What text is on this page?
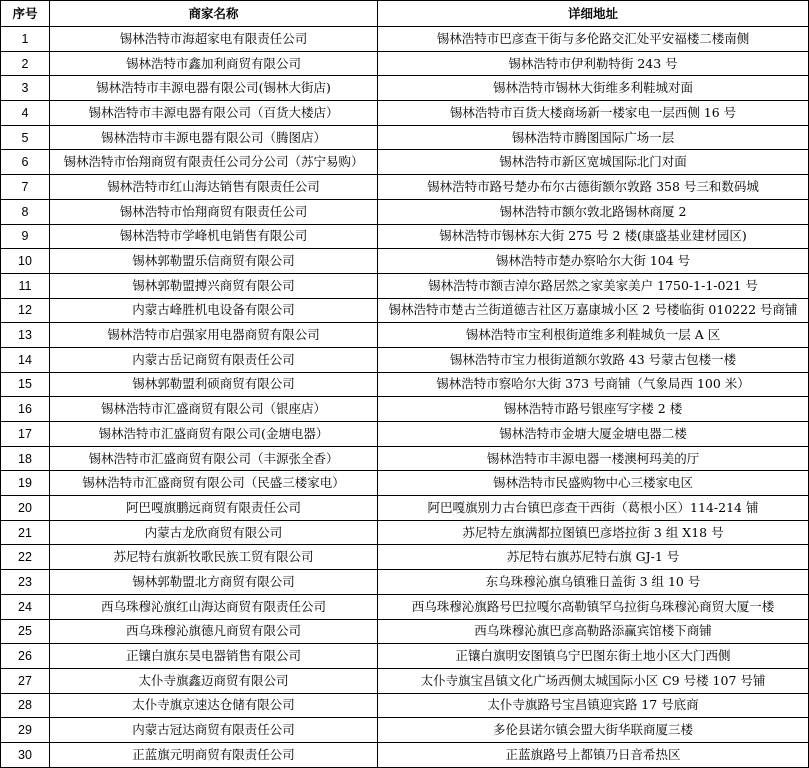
序号	商家名称	详细地址
1	锡林浩特市海超家电有限责任公司	锡林浩特市巴彦查干街与多伦路交汇处平安福楼二楼南侧
2	锡林浩特市鑫加利商贸有限公司	锡林浩特市伊利勒特街 243 号
3	锡林浩特市丰源电器有限公司(锡林大街店)	锡林浩特市锡林大街维多利鞋城对面
4	锡林浩特市丰源电器有限公司（百货大楼店）	锡林浩特市百货大楼商场新一楼家电一层西侧 16 号
5	锡林浩特市丰源电器有限公司（腾图店）	锡林浩特市腾图国际广场一层
6	锡林浩特市怡翔商贸有限责任公司分公司（苏宁易购）	锡林浩特市新区宽城国际北门对面
7	锡林浩特市红山海达销售有限责任公司	锡林浩特市路号楚办布尔古德街额尔敦路 358 号三和数码城
8	锡林浩特市怡翔商贸有限责任公司	锡林浩特市额尔敦北路锡林商厦 2
9	锡林浩特市学峰机电销售有限公司	锡林浩特市锡林东大街 275 号 2 楼(康盛基业建材园区)
10	锡林郭勒盟乐信商贸有限公司	锡林浩特市楚办察哈尔大街 104 号
11	锡林郭勒盟搏兴商贸有限公司	锡林浩特市额吉淖尔路居然之家美家美户 1750-1-1-021 号
12	内蒙古峰胜机电设备有限公司	锡林浩特市楚古兰街道德吉社区万嘉康城小区 2 号楼临街 010222 号商铺
13	锡林浩特市启强家用电器商贸有限公司	锡林浩特市宝利根街道维多利鞋城负一层 A 区
14	内蒙古岳记商贸有限责任公司	锡林浩特市宝力根街道额尔敦路 43 号蒙古包楼一楼
15	锡林郭勒盟利硕商贸有限公司	锡林浩特市察哈尔大街 373 号商铺（气象局西 100 米）
16	锡林浩特市汇盛商贸有限公司（银座店）	锡林浩特市路号银座写字楼 2 楼
17	锡林浩特市汇盛商贸有限公司(金塘电器）	锡林浩特市金塘大厦金塘电器二楼
18	锡林浩特市汇盛商贸有限公司（丰源张全香）	锡林浩特市丰源电器一楼澳柯玛美的厅
19	锡林浩特市汇盛商贸有限公司（民盛三楼家电）	锡林浩特市民盛购物中心三楼家电区
20	阿巴嘎旗鹏远商贸有限责任公司	阿巴嘎旗别力古台镇巴彦查干西街（葛根小区）114-214 铺
21	内蒙古龙欣商贸有限公司	苏尼特左旗满都拉图镇巴彦塔拉街 3 组 X18 号
22	苏尼特右旗新牧歌民族工贸有限公司	苏尼特右旗苏尼特右旗 GJ-1 号
23	锡林郭勒盟北方商贸有限公司	东乌珠穆沁旗乌镇雅日盖街 3 组 10 号
24	西乌珠穆沁旗红山海达商贸有限责任公司	西乌珠穆沁旗路号巴拉嘎尔高勒镇罕乌拉街乌珠穆沁商贸大厦一楼
25	西乌珠穆沁旗德凡商贸有限公司	西乌珠穆沁旗巴彦高勒路添赢宾馆楼下商铺
26	正镶白旗东昊电器销售有限公司	正镶白旗明安图镇乌宁巴图东街土地小区大门西侧
27	太仆寺旗鑫迈商贸有限公司	太仆寺旗宝昌镇文化广场西侧太城国际小区 C9 号楼 107 号铺
28	太仆寺旗京速达仓储有限公司	太仆寺旗路号宝昌镇迎宾路 17 号底商
29	内蒙古冠达商贸有限责任公司	多伦县诺尔镇会盟大街华联商厦三楼
30	正蓝旗元明商贸有限责任公司	正蓝旗路号上都镇乃日音希热区
